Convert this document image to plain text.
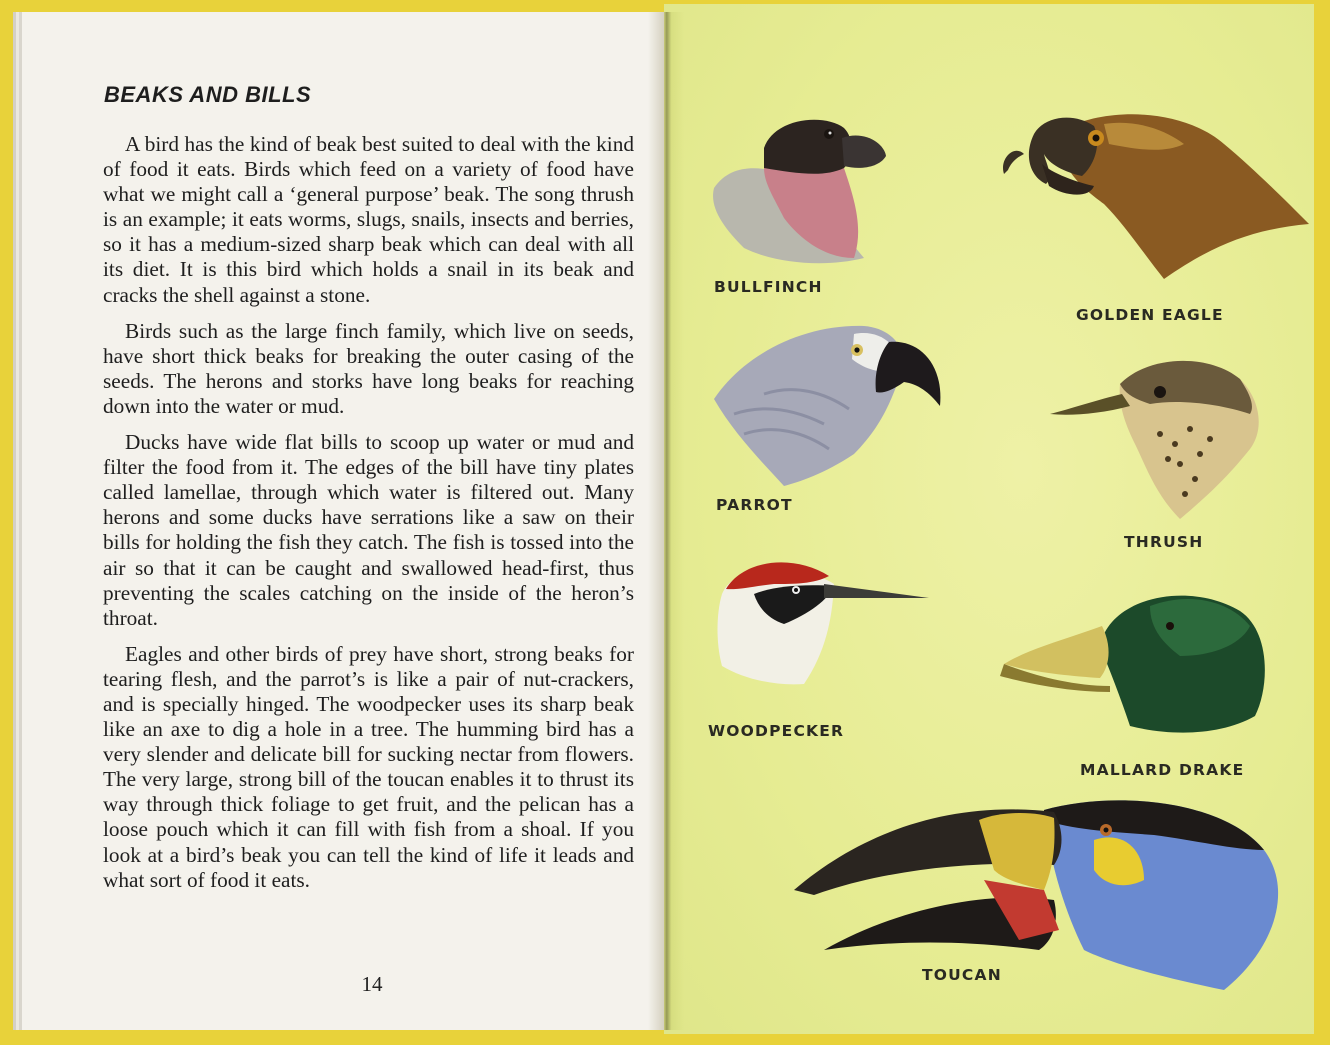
BEAKS AND BILLS

A bird has the kind of beak best suited to deal with the kind of food it eats. Birds which feed on a variety of food have what we might call a ‘general purpose’ beak. The song thrush is an example; it eats worms, slugs, snails, insects and berries, so it has a medium-sized sharp beak which can deal with all its diet. It is this bird which holds a snail in its beak and cracks the shell against a stone.

Birds such as the large finch family, which live on seeds, have short thick beaks for breaking the outer casing of the seeds. The herons and storks have long beaks for reaching down into the water or mud.

Ducks have wide flat bills to scoop up water or mud and filter the food from it. The edges of the bill have tiny plates called lamellae, through which water is filtered out. Many herons and some ducks have serrations like a saw on their bills for holding the fish they catch. The fish is tossed into the air so that it can be caught and swallowed head-first, thus preventing the scales catching on the inside of the heron’s throat.

Eagles and other birds of prey have short, strong beaks for tearing flesh, and the parrot’s is like a pair of nut-crackers, and is specially hinged. The woodpecker uses its sharp beak like an axe to dig a hole in a tree. The humming bird has a very slender and delicate bill for sucking nectar from flowers. The very large, strong bill of the toucan enables it to thrust its way through thick foliage to get fruit, and the pelican has a loose pouch which it can fill with fish from a shoal. If you look at a bird’s beak you can tell the kind of life it leads and what sort of food it eats.

14
BULLFINCH
GOLDEN EAGLE
PARROT
THRUSH
WOODPECKER
MALLARD DRAKE
TOUCAN
